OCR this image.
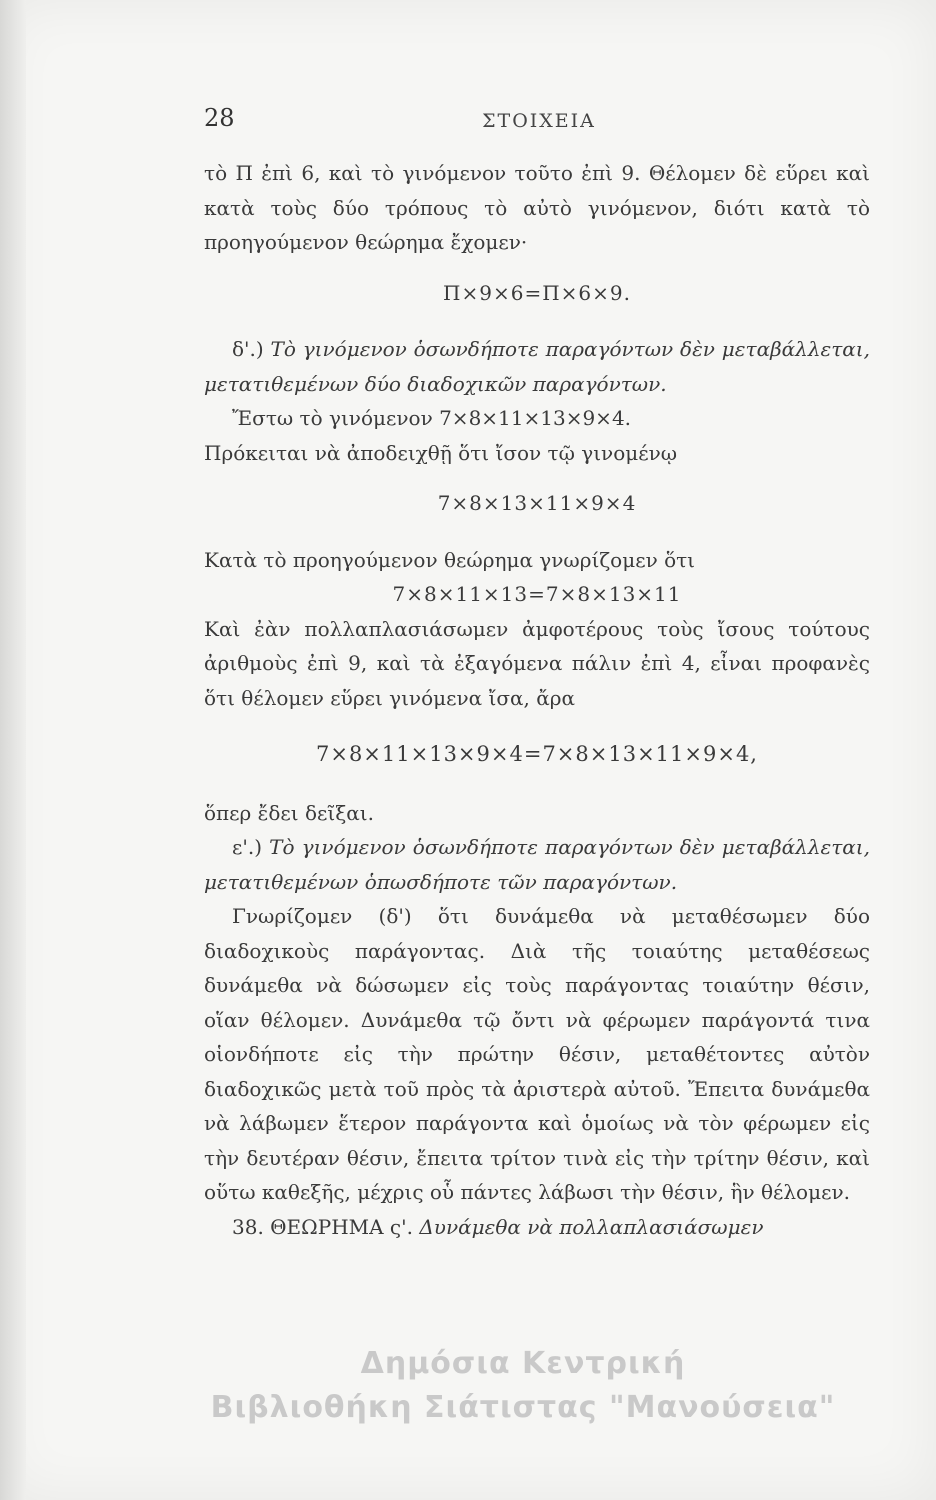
28	ΣΤΟΙΧΕΙΑ

τὸ Π ἐπὶ 6, καὶ τὸ γινόμενον τοῦτο ἐπὶ 9. Θέλομεν δὲ εὕρει καὶ κατὰ τοὺς δύο τρόπους τὸ αὐτὸ γινόμενον, διότι κατὰ τὸ προηγούμενον θεώρημα ἔχομεν·

Π×9×6=Π×6×9.

δ'.) Τὸ γινόμενον ὁσωνδήποτε παραγόντων δὲν μεταβάλλεται, μετατιθεμένων δύο διαδοχικῶν παραγόντων.

Ἔστω τὸ γινόμενον 7×8×11×13×9×4.

Πρόκειται νὰ ἀποδειχθῇ ὅτι ἴσον τῷ γινομένῳ

7×8×13×11×9×4

Κατὰ τὸ προηγούμενον θεώρημα γνωρίζομεν ὅτι

7×8×11×13=7×8×13×11

Καὶ ἐὰν πολλαπλασιάσωμεν ἀμφοτέρους τοὺς ἴσους τούτους ἀριθμοὺς ἐπὶ 9, καὶ τὰ ἐξαγόμενα πάλιν ἐπὶ 4, εἶναι προφανὲς ὅτι θέλομεν εὕρει γινόμενα ἴσα, ἄρα

7×8×11×13×9×4=7×8×13×11×9×4,

ὅπερ ἔδει δεῖξαι.

ε'.) Τὸ γινόμενον ὁσωνδήποτε παραγόντων δὲν μεταβάλλεται, μετατιθεμένων ὁπωσδήποτε τῶν παραγόντων.

Γνωρίζομεν (δ') ὅτι δυνάμεθα νὰ μεταθέσωμεν δύο διαδοχικοὺς παράγοντας. Διὰ τῆς τοιαύτης μεταθέσεως δυνάμεθα νὰ δώσωμεν εἰς τοὺς παράγοντας τοιαύτην θέσιν, οἵαν θέλομεν. Δυνάμεθα τῷ ὄντι νὰ φέρωμεν παράγοντά τινα οἱονδήποτε εἰς τὴν πρώτην θέσιν, μεταθέτοντες αὐτὸν διαδοχικῶς μετὰ τοῦ πρὸς τὰ ἀριστερὰ αὐτοῦ. Ἔπειτα δυνάμεθα νὰ λάβωμεν ἕτερον παράγοντα καὶ ὁμοίως νὰ τὸν φέρωμεν εἰς τὴν δευτέραν θέσιν, ἔπειτα τρίτον τινὰ εἰς τὴν τρίτην θέσιν, καὶ οὕτω καθεξῆς, μέχρις οὗ πάντες λάβωσι τὴν θέσιν, ἣν θέλομεν.

38. ΘΕΩΡΗΜΑ ς'. Δυνάμεθα νὰ πολλαπλασιάσωμεν

Δημόσια Κεντρική
Βιβλιοθήκη Σιάτιστας "Μανούσεια"
